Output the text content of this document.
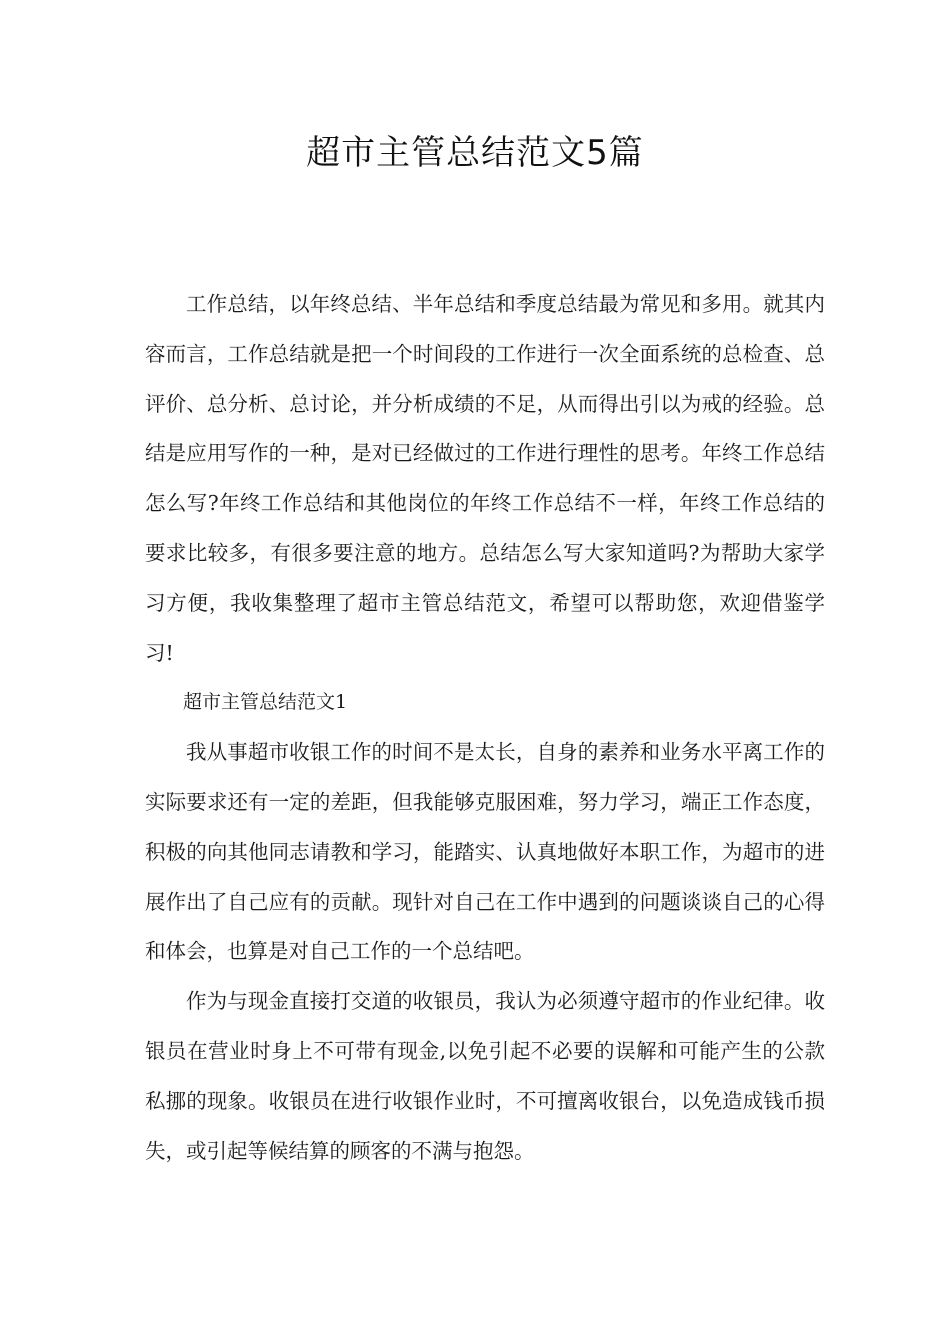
超市主管总结范文5篇

工作总结，以年终总结、半年总结和季度总结最为常见和多用。就其内容而言，工作总结就是把一个时间段的工作进行一次全面系统的总检查、总评价、总分析、总讨论，并分析成绩的不足，从而得出引以为戒的经验。总结是应用写作的一种，是对已经做过的工作进行理性的思考。年终工作总结怎么写?年终工作总结和其他岗位的年终工作总结不一样，年终工作总结的要求比较多，有很多要注意的地方。总结怎么写大家知道吗?为帮助大家学习方便，我收集整理了超市主管总结范文，希望可以帮助您，欢迎借鉴学习!

超市主管总结范文1

我从事超市收银工作的时间不是太长，自身的素养和业务水平离工作的实际要求还有一定的差距，但我能够克服困难，努力学习，端正工作态度，积极的向其他同志请教和学习，能踏实、认真地做好本职工作，为超市的进展作出了自己应有的贡献。现针对自己在工作中遇到的问题谈谈自己的心得和体会，也算是对自己工作的一个总结吧。

作为与现金直接打交道的收银员，我认为必须遵守超市的作业纪律。收银员在营业时身上不可带有现金,以免引起不必要的误解和可能产生的公款私挪的现象。收银员在进行收银作业时，不可擅离收银台，以免造成钱币损失，或引起等候结算的顾客的不满与抱怨。
